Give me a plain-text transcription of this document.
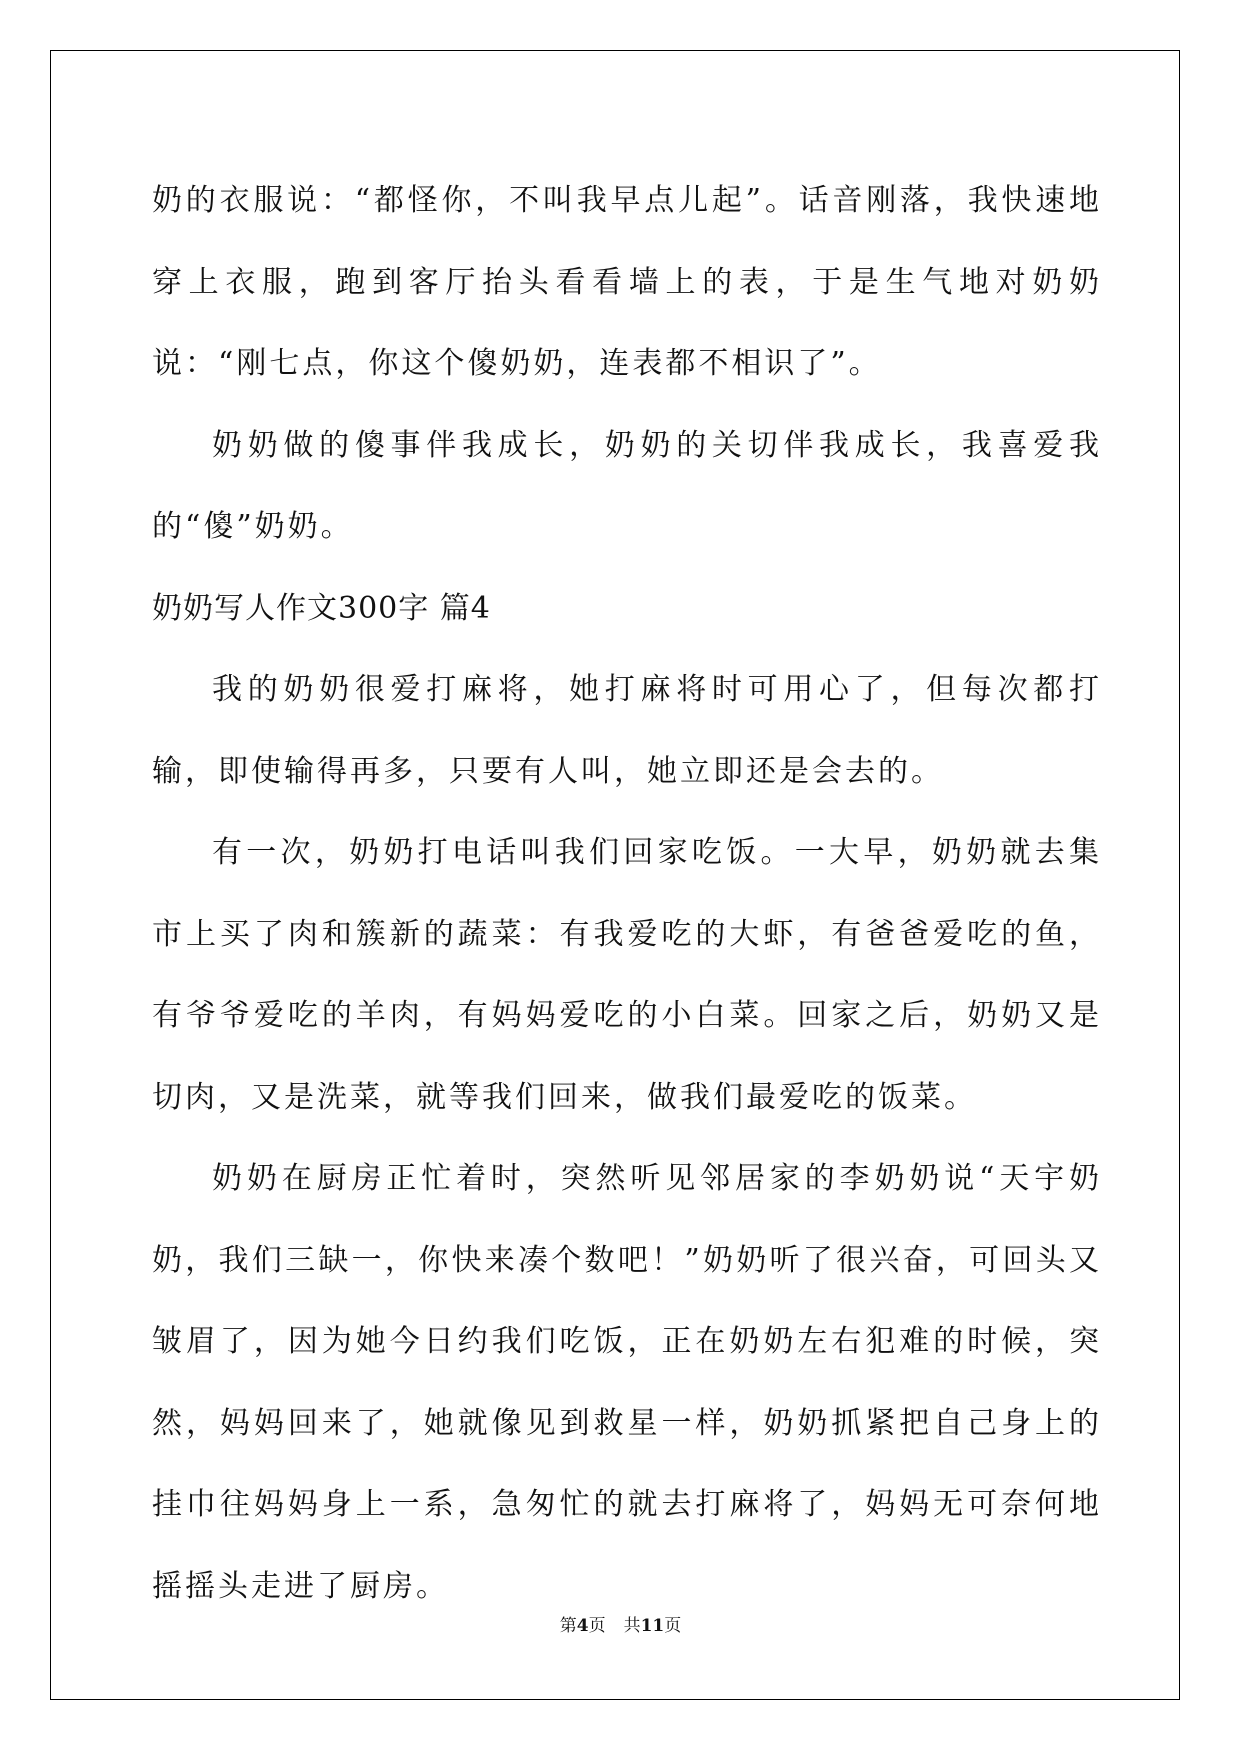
奶的衣服说：“都怪你，不叫我早点儿起”。话音刚落，我快速地穿上衣服，跑到客厅抬头看看墙上的表，于是生气地对奶奶说：“刚七点，你这个傻奶奶，连表都不相识了”。

奶奶做的傻事伴我成长，奶奶的关切伴我成长，我喜爱我的“傻”奶奶。

奶奶写人作文300字 篇4

我的奶奶很爱打麻将，她打麻将时可用心了，但每次都打输，即使输得再多，只要有人叫，她立即还是会去的。

有一次，奶奶打电话叫我们回家吃饭。一大早，奶奶就去集市上买了肉和簇新的蔬菜：有我爱吃的大虾，有爸爸爱吃的鱼，有爷爷爱吃的羊肉，有妈妈爱吃的小白菜。回家之后，奶奶又是切肉，又是洗菜，就等我们回来，做我们最爱吃的饭菜。

奶奶在厨房正忙着时，突然听见邻居家的李奶奶说“天宇奶奶，我们三缺一，你快来凑个数吧！”奶奶听了很兴奋，可回头又皱眉了，因为她今日约我们吃饭，正在奶奶左右犯难的时候，突然，妈妈回来了，她就像见到救星一样，奶奶抓紧把自己身上的挂巾往妈妈身上一系，急匆忙的就去打麻将了，妈妈无可奈何地摇摇头走进了厨房。

第4页 共11页
